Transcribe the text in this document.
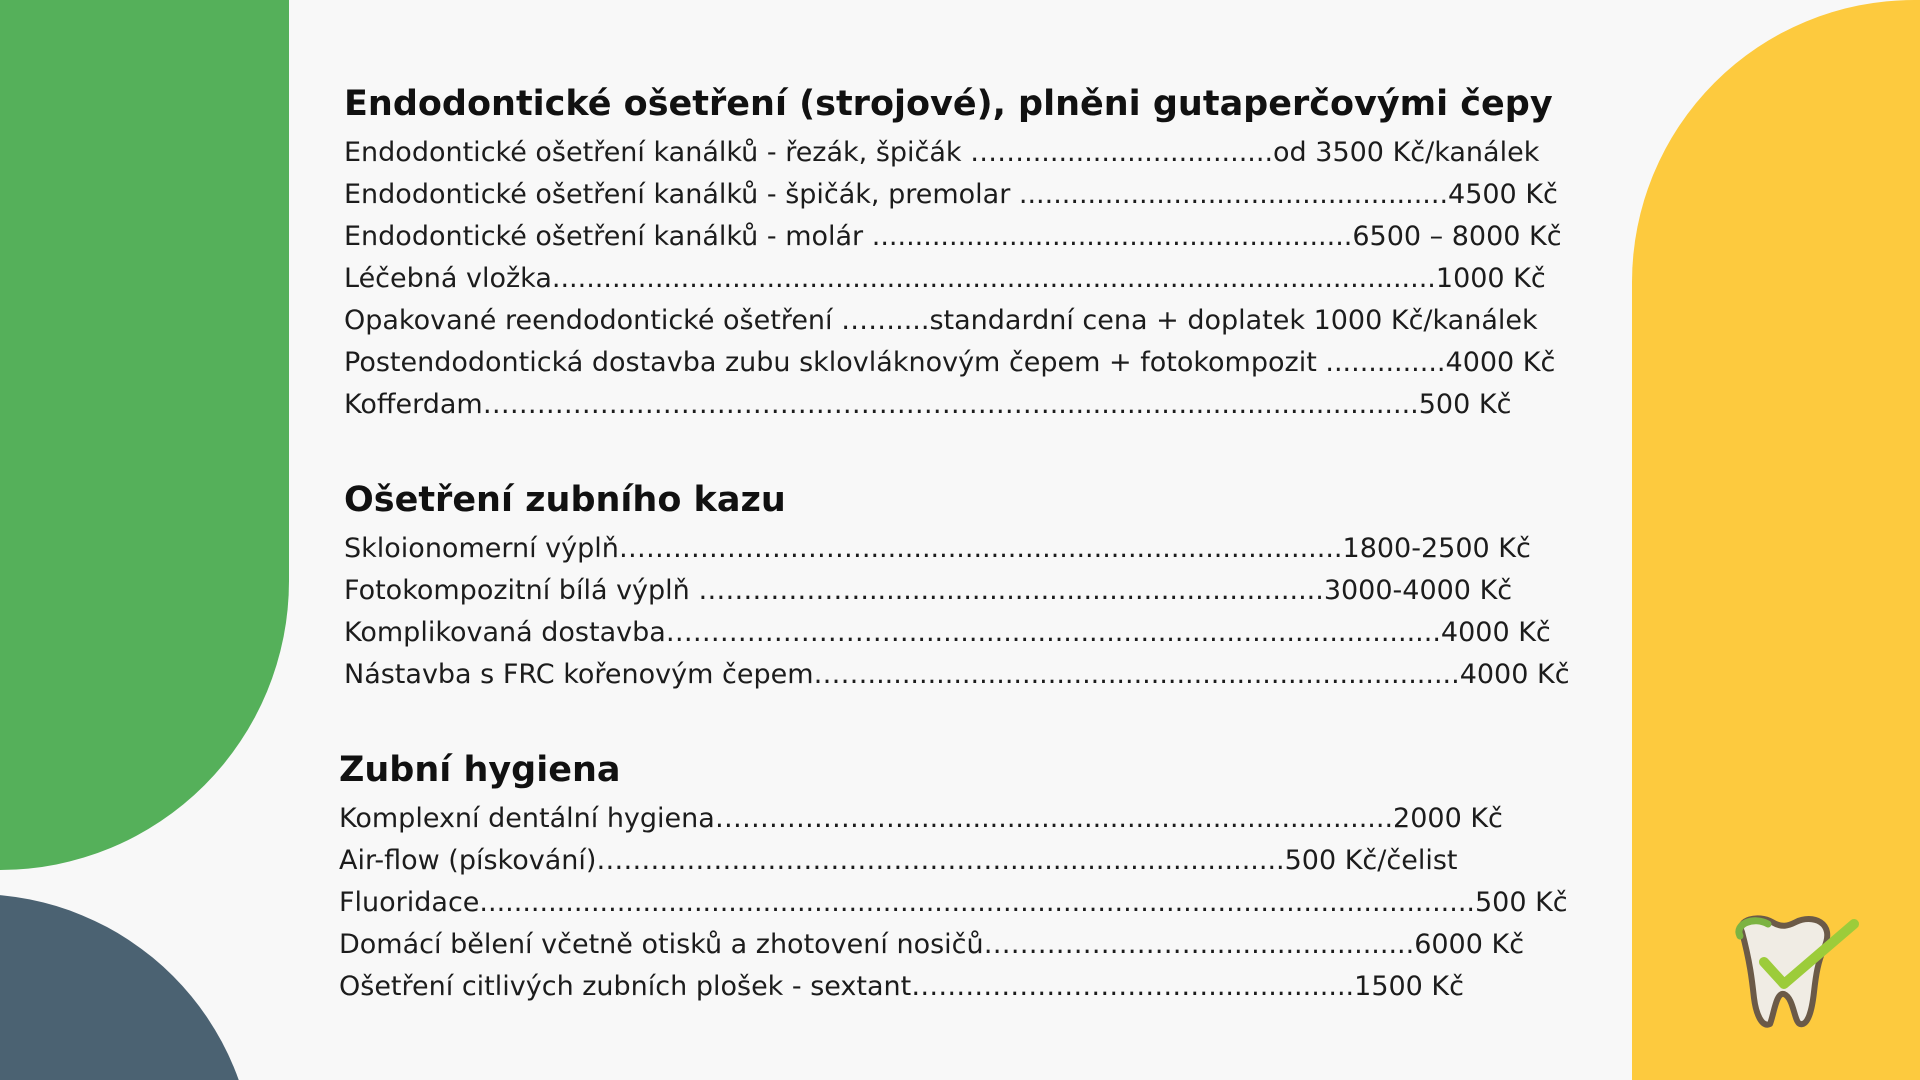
Endodontické ošetření (strojové), plněni gutaperčovými čepy
Endodontické ošetření kanálků - řezák, špičák …….............................od 3500 Kč/kanálek
Endodontické ošetření kanálků - špičák, premolar ..................................................4500 Kč
Endodontické ošetření kanálků - molár ........................................................6500 – 8000 Kč
Léčebná vložka.......................................................................................................1000 Kč
Opakované reendodontické ošetření ……....standardní cena + doplatek 1000 Kč/kanálek
Postendodontická dostavba zubu sklovláknovým čepem + fotokompozit ..............4000 Kč
Kofferdam………………………………………………………...........................................500 Kč
Ošetření zubního kazu
Skloionomerní výplň………………………........................................................1800-2500 Kč
Fotokompozitní bílá výplň ………………......................................................3000-4000 Kč
Komplikovaná dostavba………………………..............................................................4000 Kč
Nástavba s FRC kořenovým čepem…….....................................................................4000 Kč
Zubní hygiena
Komplexní dentální hygiena………………….........................................................2000 Kč
Air-flow (pískování)……………………………………….................................500 Kč/čelist
Fluoridace....................................................................................................................500 Kč
Domácí bělení včetně otisků a zhotovení nosičů…………………….........................6000 Kč
Ošetření citlivých zubních plošek - sextant…………………………….................1500 Kč
